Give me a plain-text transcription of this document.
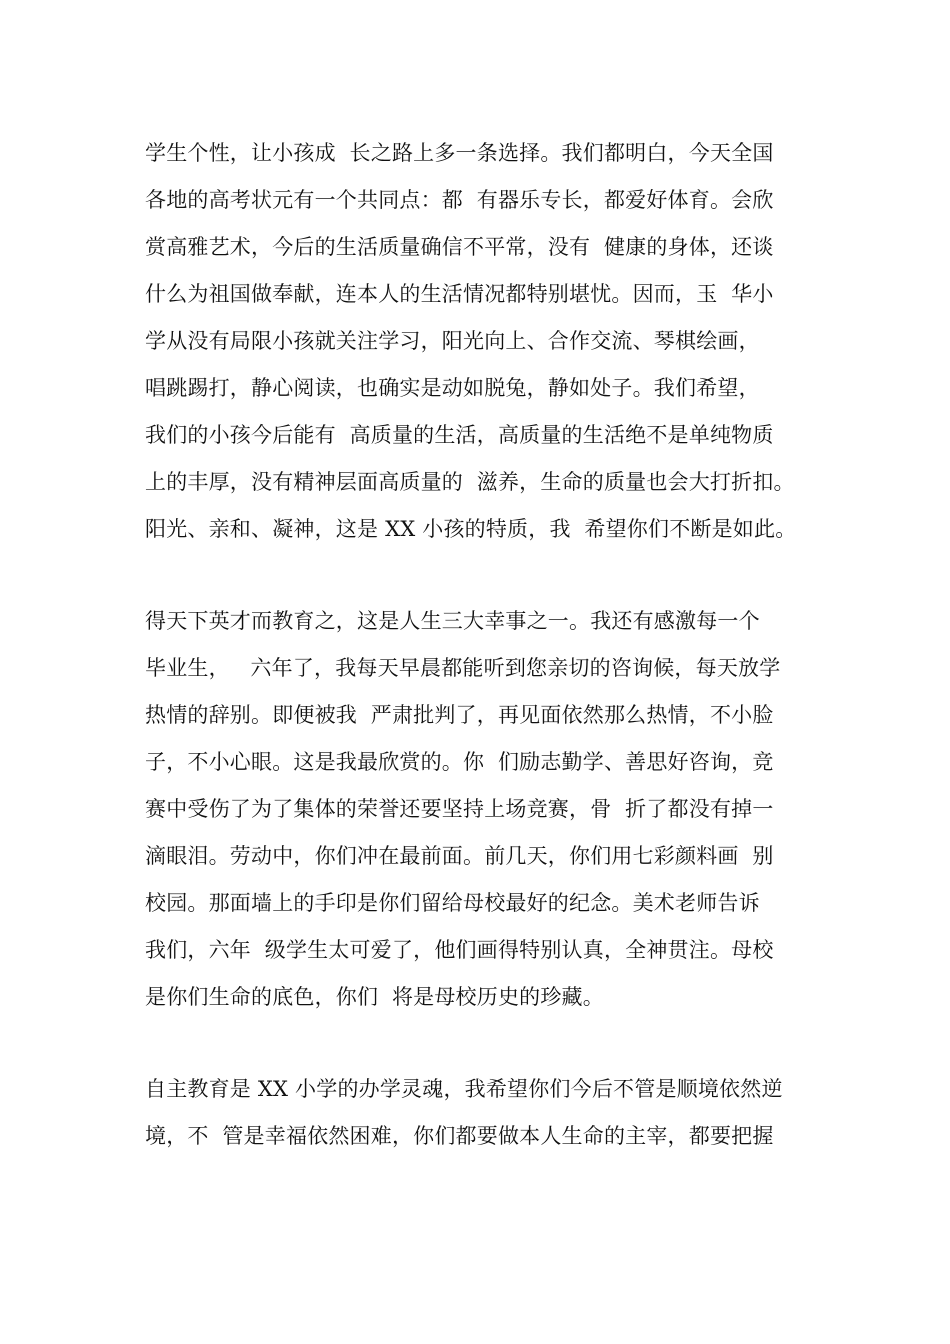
学生个性，让小孩成  长之路上多一条选择。我们都明白，今天全国
各地的高考状元有一个共同点：都  有器乐专长，都爱好体育。会欣
赏高雅艺术，今后的生活质量确信不平常，没有  健康的身体，还谈
什么为祖国做奉献，连本人的生活情况都特别堪忧。因而，玉  华小
学从没有局限小孩就关注学习，阳光向上、合作交流、琴棋绘画，
唱跳踢打，静心阅读，也确实是动如脱兔，静如处子。我们希望，
我们的小孩今后能有  高质量的生活，高质量的生活绝不是单纯物质
上的丰厚，没有精神层面高质量的  滋养，生命的质量也会大打折扣。
阳光、亲和、凝神，这是 XX 小孩的特质，我  希望你们不断是如此。
得天下英才而教育之，这是人生三大幸事之一。我还有感激每一个
毕业生，   六年了，我每天早晨都能听到您亲切的咨询候，每天放学
热情的辞别。即便被我  严肃批判了，再见面依然那么热情，不小脸
子，不小心眼。这是我最欣赏的。你  们励志勤学、善思好咨询，竞
赛中受伤了为了集体的荣誉还要坚持上场竞赛，骨  折了都没有掉一
滴眼泪。劳动中，你们冲在最前面。前几天，你们用七彩颜料画  别
校园。那面墙上的手印是你们留给母校最好的纪念。美术老师告诉
我们，六年  级学生太可爱了，他们画得特别认真，全神贯注。母校
是你们生命的底色，你们  将是母校历史的珍藏。
自主教育是 XX 小学的办学灵魂，我希望你们今后不管是顺境依然逆
境，不  管是幸福依然困难，你们都要做本人生命的主宰，都要把握
